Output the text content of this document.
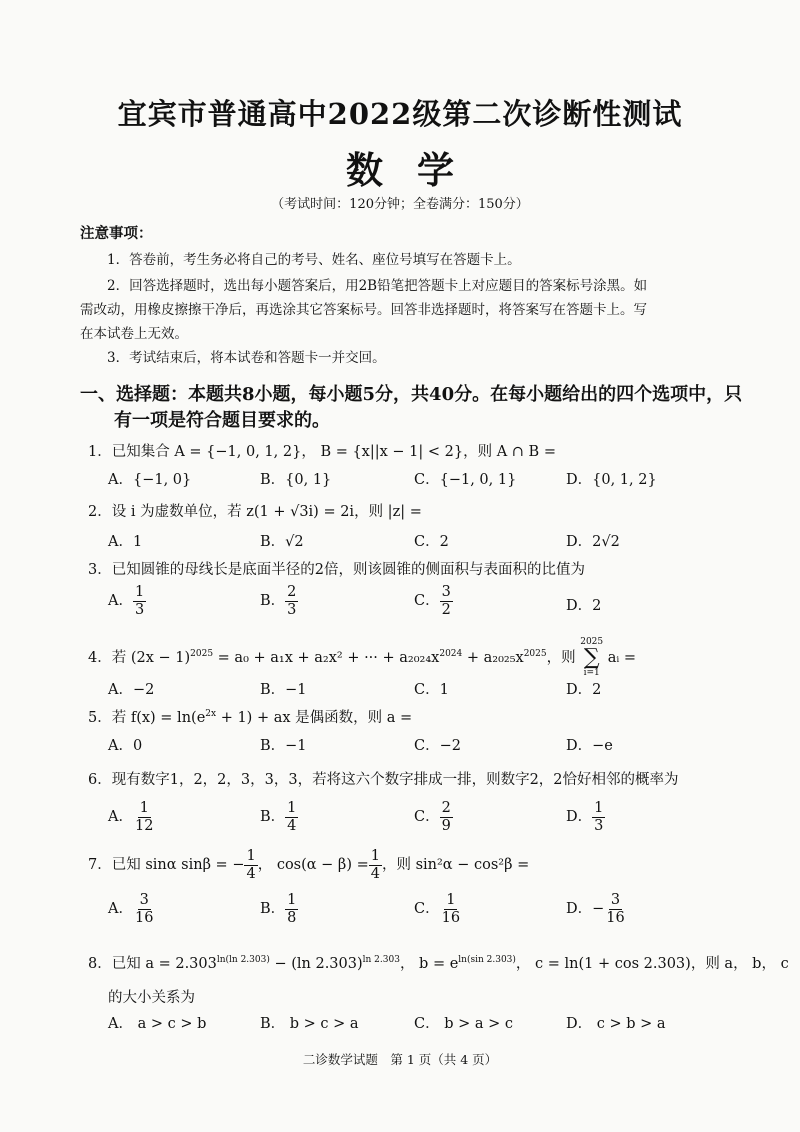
宜宾市普通高中2022级第二次诊断性测试
数学
（考试时间：120分钟；全卷满分：150分）
注意事项：
1．答卷前，考生务必将自己的考号、姓名、座位号填写在答题卡上。
2．回答选择题时，选出每小题答案后，用2B铅笔把答题卡上对应题目的答案标号涂黑。如
需改动，用橡皮擦擦干净后，再选涂其它答案标号。回答非选择题时，将答案写在答题卡上。写
在本试卷上无效。
3．考试结束后，将本试卷和答题卡一并交回。
一、选择题：本题共8小题，每小题5分，共40分。在每小题给出的四个选项中，只
有一项是符合题目要求的。
1．已知集合 A = {−1, 0, 1, 2}， B = {x||x − 1| < 2}，则 A ∩ B =
A．{−1, 0}	B．{0, 1}	C．{−1, 0, 1}	D．{0, 1, 2}
2．设 i 为虚数单位，若 z(1 + √3i) = 2i，则 |z| =
A．1	B．√2	C．2	D．2√2
3．已知圆锥的母线长是底面半径的2倍，则该圆锥的侧面积与表面积的比值为
A． $\frac{1}{3}$	B． $\frac{2}{3}$	C． $\frac{3}{2}$	D．2
4．若 $(2x - 1)^{2025} = a_0 + a_1x + a_2x^2$ + ··· + $a_{2024}x^{2024} + a_{2025}x^{2025}$，则
2025
∑
i=1
aᵢ =
A．−2	B．−1	C．1	D．2
5．若 $f(x) = \ln(e^{2x} + 1)$ + ax 是偶函数，则 a =
A．0	B．−1	C．−2	D．−e
6．现有数字1，2，2，3，3，3，若将这六个数字排成一排，则数字2，2恰好相邻的概率为
A． $\frac{1}{12}$	B． $\frac{1}{4}$	C． $\frac{2}{9}$	D． $\frac{1}{3}$
7．已知 sinα sinβ = − $\frac{1}{4}$ ， $\cos(\alpha - \beta) = \frac{1}{4}$ ，则 sin²α − cos²β =
A． $\frac{3}{16}$	B． $\frac{1}{8}$	C． $\frac{1}{16}$	D．− $\frac{3}{16}$
8．已知 $a = 2.303^{ln(ln 2.303)} - (\ln$ 2.303)$^{ln 2.303}$， $b = e^{ln(sin 2.303)}$， c = ln(1 + cos 2.303)，则 a， b， c
的大小关系为
A． a > c > b	B． b > c > a	C． b > a > c	D． c > b > a
二诊数学试题　第 1 页（共 4 页）
